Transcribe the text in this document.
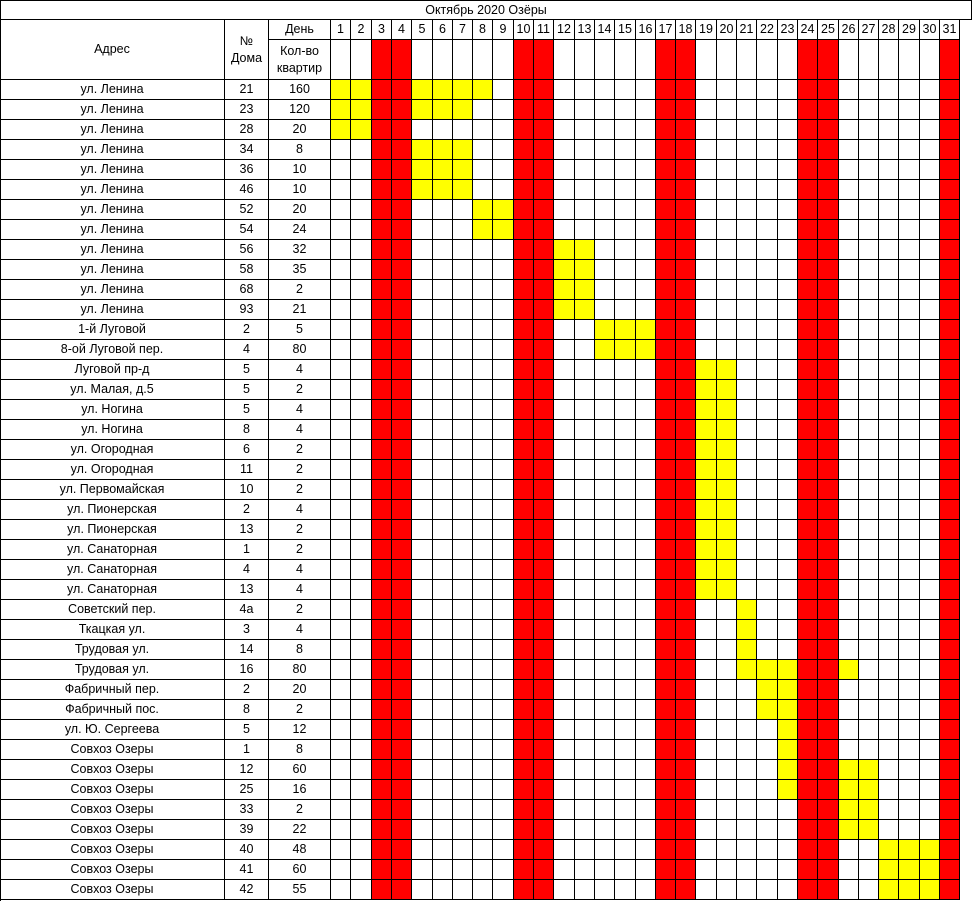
Октябрь 2020 Озёры
Адрес
№
Дома
День
Кол-во
квартир
1	2	3	4	5	6	7	8	9 10 11 12 13 14 15 16 17 18 19 20 21 22 23 24 25 26 27 28 29 30 31
ул. Ленина	21	160
ул. Ленина	23	120
ул. Ленина	28	20
ул. Ленина	34	8
ул. Ленина	36	10
ул. Ленина	46	10
ул. Ленина	52	20
ул. Ленина	54	24
ул. Ленина	56	32
ул. Ленина	58	35
ул. Ленина	68	2
ул. Ленина	93	21
1-й Луговой	2	5
8-ой Луговой пер.	4	80
Луговой пр-д	5	4
ул. Малая, д.5	5	2
ул. Ногина	5	4
ул. Ногина	8	4
ул. Огородная	6	2
ул. Огородная	11	2
ул. Первомайская	10	2
ул. Пионерская	2	4
ул. Пионерская	13	2
ул. Санаторная	1	2
ул. Санаторная	4	4
ул. Санаторная	13	4
Советский пер.	4а	2
Ткацкая ул.	3	4
Трудовая ул.	14	8
Трудовая ул.	16	80
Фабричный пер.	2	20
Фабричный пос.	8	2
ул. Ю. Сергеева	5	12
Совхоз Озеры	1	8
Совхоз Озеры	12	60
Совхоз Озеры	25	16
Совхоз Озеры	33	2
Совхоз Озеры	39	22
Совхоз Озеры	40	48
Совхоз Озеры	41	60
Совхоз Озеры	42	55
